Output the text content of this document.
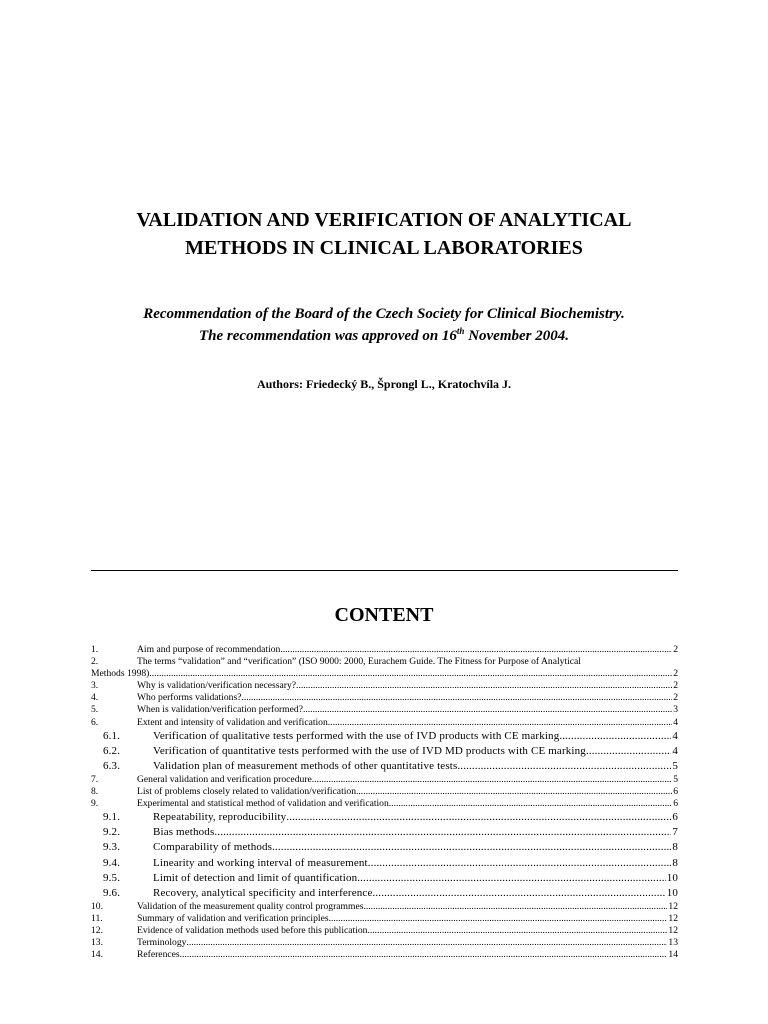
VALIDATION AND VERIFICATION OF ANALYTICAL
METHODS IN CLINICAL LABORATORIES
Recommendation of the Board of the Czech Society for Clinical Biochemistry.
The recommendation was approved on 16th November 2004.
Authors: Friedecký B., Šprongl L., Kratochvíla J.
CONTENT
1.	Aim and purpose of recommendation .....	2
2.	The terms “validation” and “verification” (ISO 9000: 2000, Eurachem Guide. The Fitness for Purpose of Analytical
Methods 1998) .....	2
3.	Why is validation/verification necessary? .....	2
4.	Who performs validations? .....	2
5.	When is validation/verification performed? .....	3
6.	Extent and intensity of validation and verification .....	4
6.1.	Verification of qualitative tests performed with the use of IVD products with CE marking .....	4
6.2.	Verification of quantitative tests performed with the use of IVD MD products with CE marking .....	4
6.3.	Validation plan of measurement methods of other quantitative tests .....	5
7.	General validation and verification procedure .....	5
8.	List of problems closely related to validation/verification .....	6
9.	Experimental and statistical method of validation and verification .....	6
9.1.	Repeatability, reproducibility .....	6
9.2.	Bias methods .....	7
9.3.	Comparability of methods .....	8
9.4.	Linearity and working interval of measurement .....	8
9.5.	Limit of detection and limit of quantification .....	10
9.6.	Recovery, analytical specificity and interference .....	10
10.	Validation of the measurement quality control programmes .....	12
11.	Summary of validation and verification principles .....	12
12.	Evidence of validation methods used before this publication .....	12
13.	Terminology .....	13
14.	References .....	14
